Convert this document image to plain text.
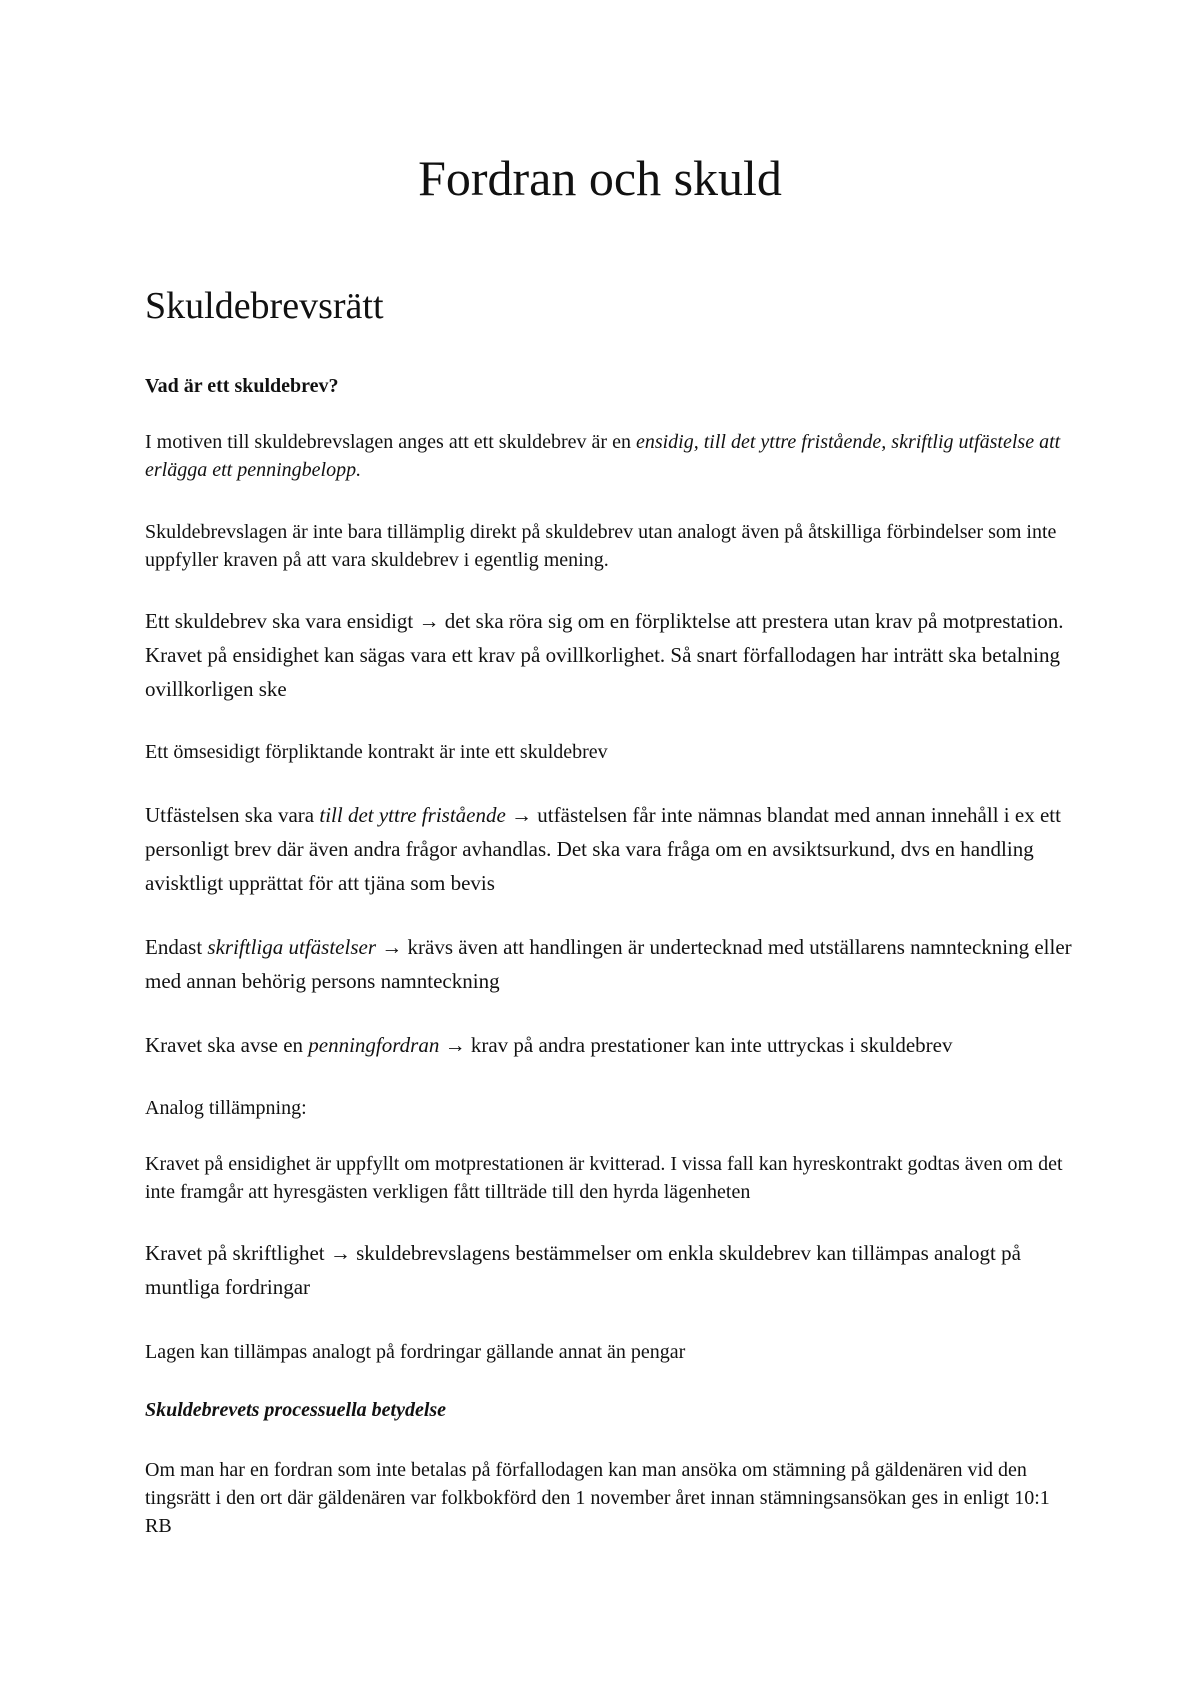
Fordran och skuld
Skuldebrevsrätt

Vad är ett skuldebrev?

I motiven till skuldebrevslagen anges att ett skuldebrev är en ensidig, till det yttre fristående, skriftlig utfästelse att erlägga ett penningbelopp.

Skuldebrevslagen är inte bara tillämplig direkt på skuldebrev utan analogt även på åtskilliga förbindelser som inte uppfyller kraven på att vara skuldebrev i egentlig mening.

Ett skuldebrev ska vara ensidigt → det ska röra sig om en förpliktelse att prestera utan krav på motprestation. Kravet på ensidighet kan sägas vara ett krav på ovillkorlighet. Så snart förfallodagen har inträtt ska betalning ovillkorligen ske

Ett ömsesidigt förpliktande kontrakt är inte ett skuldebrev

Utfästelsen ska vara till det yttre fristående → utfästelsen får inte nämnas blandat med annan innehåll i ex ett personligt brev där även andra frågor avhandlas. Det ska vara fråga om en avsiktsurkund, dvs en handling avisktligt upprättat för att tjäna som bevis

Endast skriftliga utfästelser → krävs även att handlingen är undertecknad med utställarens namnteckning eller med annan behörig persons namnteckning

Kravet ska avse en penningfordran → krav på andra prestationer kan inte uttryckas i skuldebrev

Analog tillämpning:

Kravet på ensidighet är uppfyllt om motprestationen är kvitterad. I vissa fall kan hyreskontrakt godtas även om det inte framgår att hyresgästen verkligen fått tillträde till den hyrda lägenheten

Kravet på skriftlighet → skuldebrevslagens bestämmelser om enkla skuldebrev kan tillämpas analogt på muntliga fordringar

Lagen kan tillämpas analogt på fordringar gällande annat än pengar

Skuldebrevets processuella betydelse

Om man har en fordran som inte betalas på förfallodagen kan man ansöka om stämning på gäldenären vid den tingsrätt i den ort där gäldenären var folkbokförd den 1 november året innan stämningsansökan ges in enligt 10:1 RB
